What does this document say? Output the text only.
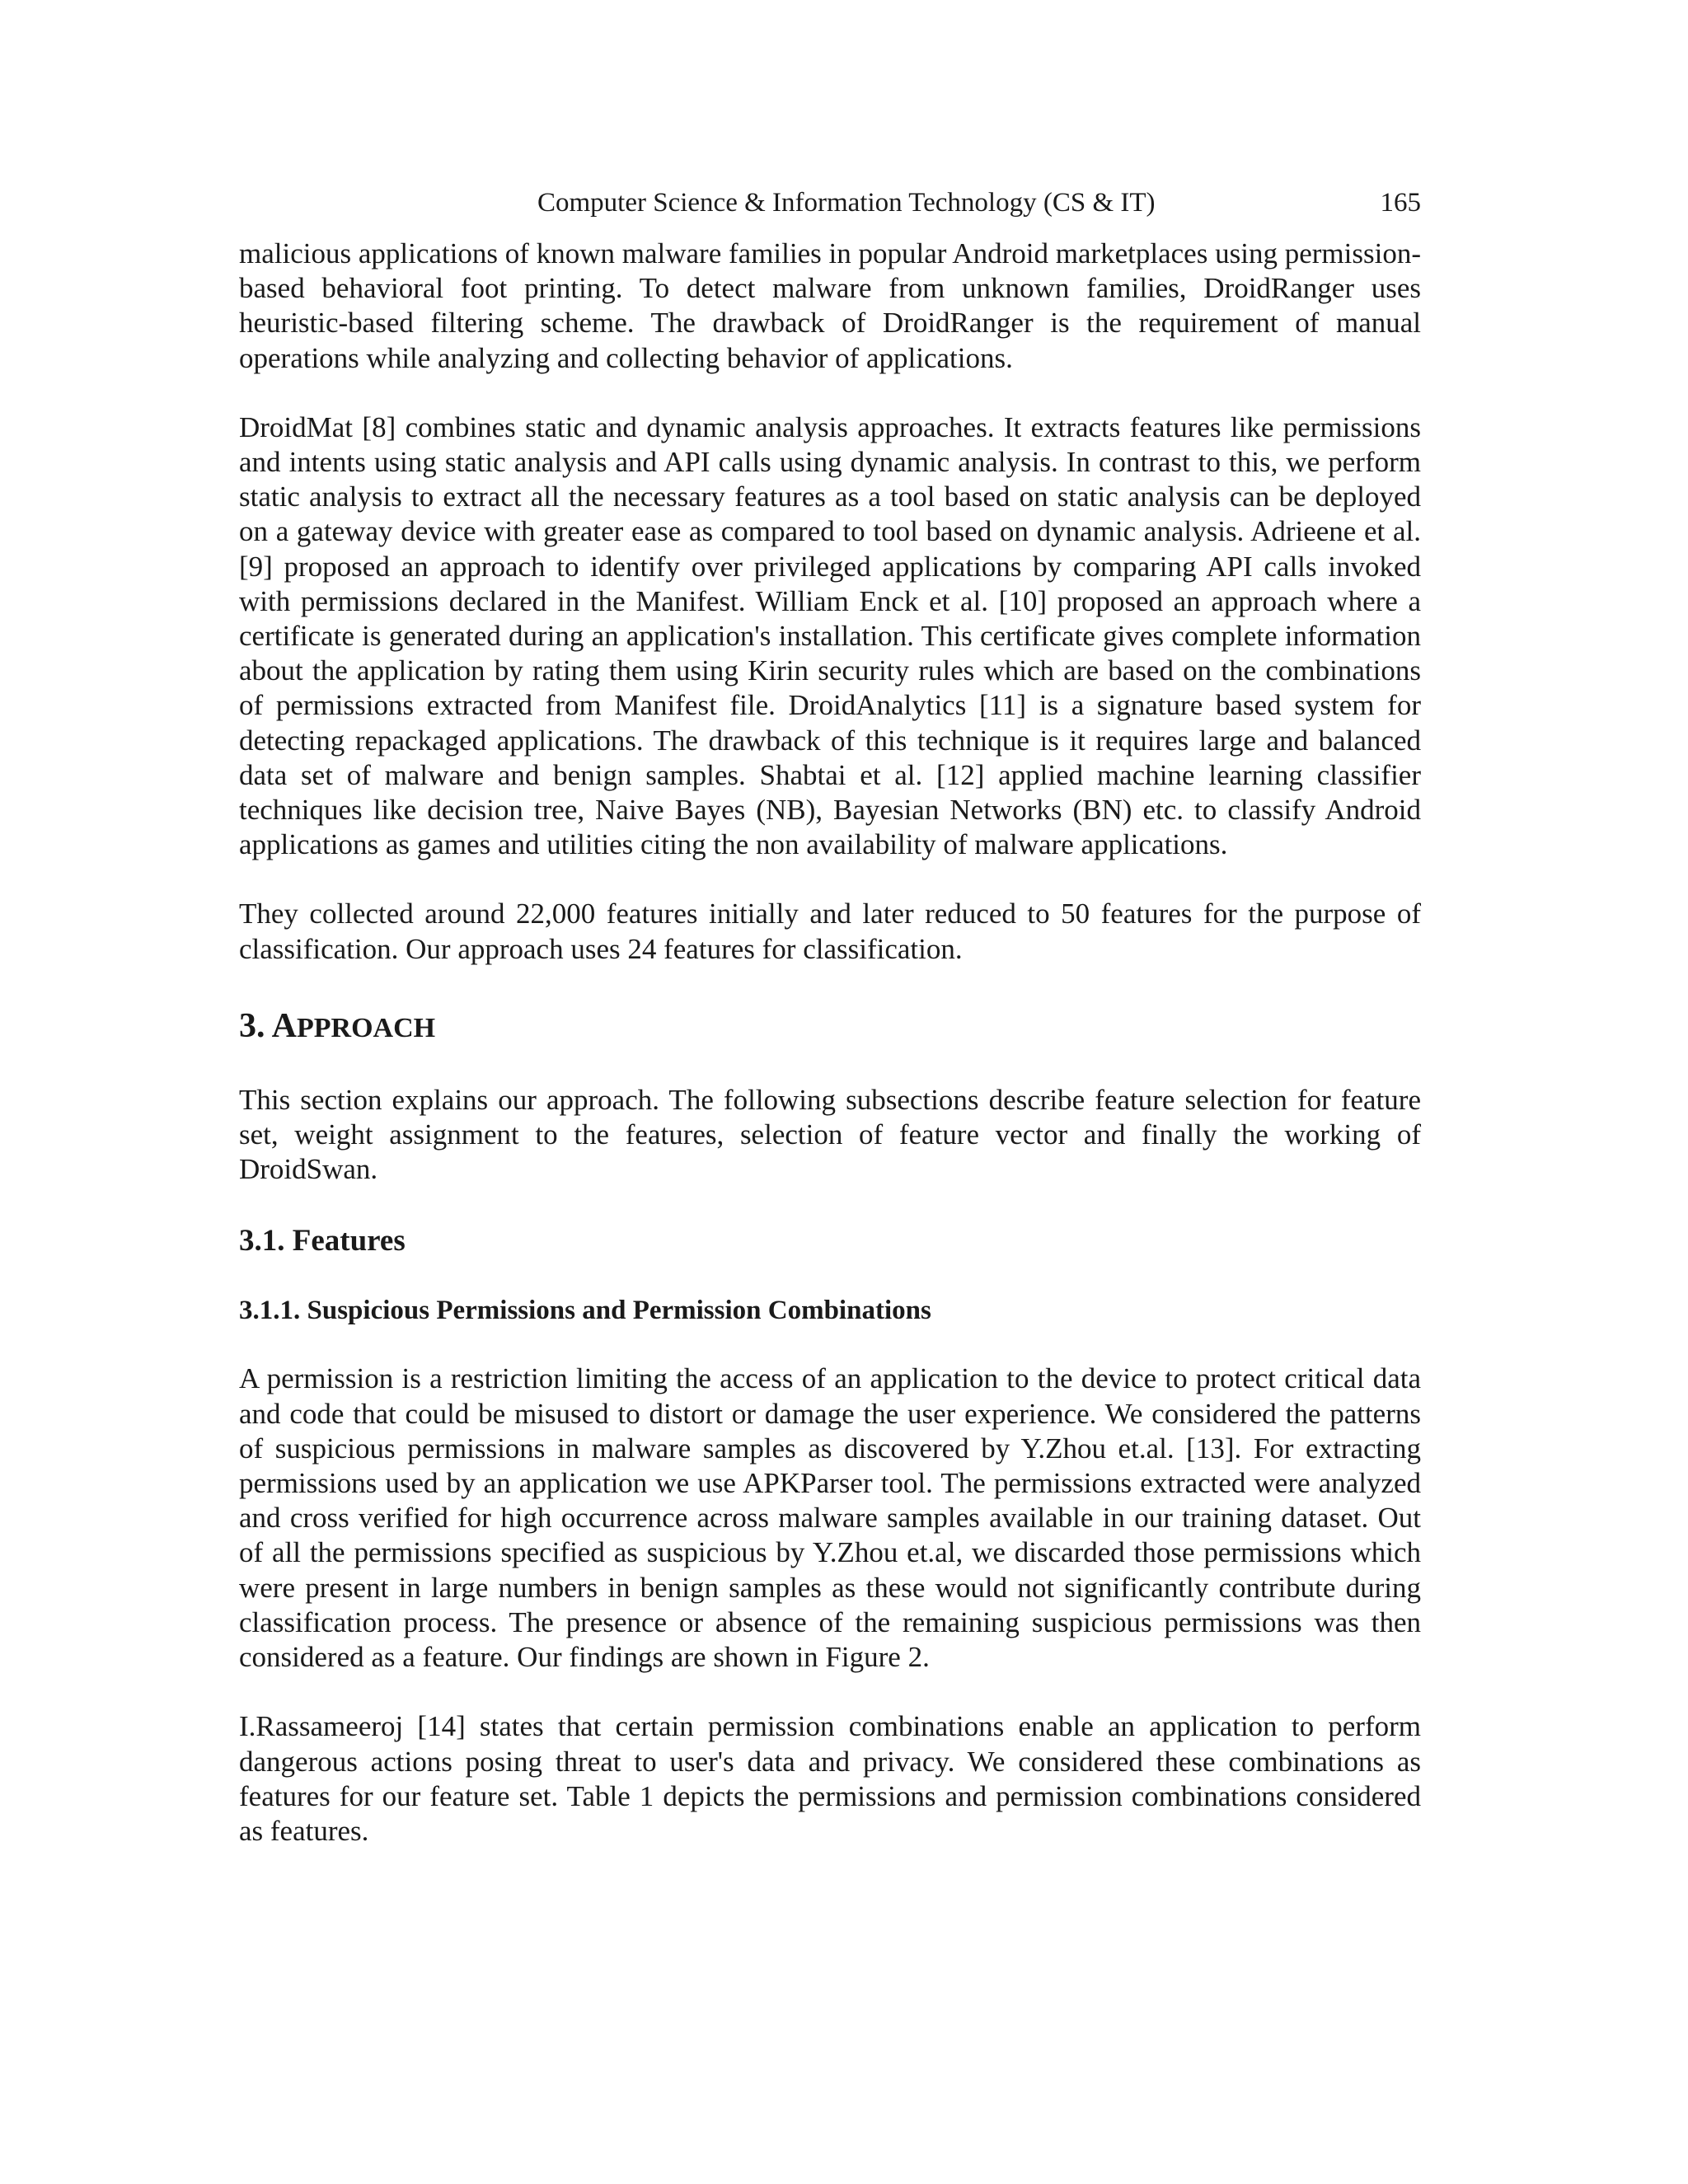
Computer Science & Information Technology (CS & IT)	165

malicious applications of known malware families in popular Android marketplaces using permission-based behavioral foot printing. To detect malware from unknown families, DroidRanger uses heuristic-based filtering scheme. The drawback of DroidRanger is the requirement of manual operations while analyzing and collecting behavior of applications.

DroidMat [8] combines static and dynamic analysis approaches. It extracts features like permissions and intents using static analysis and API calls using dynamic analysis. In contrast to this, we perform static analysis to extract all the necessary features as a tool based on static analysis can be deployed on a gateway device with greater ease as compared to tool based on dynamic analysis. Adrieene et al. [9] proposed an approach to identify over privileged applications by comparing API calls invoked with permissions declared in the Manifest. William Enck et al. [10] proposed an approach where a certificate is generated during an application's installation. This certificate gives complete information about the application by rating them using Kirin security rules which are based on the combinations of permissions extracted from Manifest file. DroidAnalytics [11] is a signature based system for detecting repackaged applications. The drawback of this technique is it requires large and balanced data set of malware and benign samples. Shabtai et al. [12] applied machine learning classifier techniques like decision tree, Naive Bayes (NB), Bayesian Networks (BN) etc. to classify Android applications as games and utilities citing the non availability of malware applications.

They collected around 22,000 features initially and later reduced to 50 features for the purpose of classification. Our approach uses 24 features for classification.

3. APPROACH

This section explains our approach. The following subsections describe feature selection for feature set, weight assignment to the features, selection of feature vector and finally the working of DroidSwan.

3.1. Features
3.1.1. Suspicious Permissions and Permission Combinations

A permission is a restriction limiting the access of an application to the device to protect critical data and code that could be misused to distort or damage the user experience. We considered the patterns of suspicious permissions in malware samples as discovered by Y.Zhou et.al. [13]. For extracting permissions used by an application we use APKParser tool. The permissions extracted were analyzed and cross verified for high occurrence across malware samples available in our training dataset. Out of all the permissions specified as suspicious by Y.Zhou et.al, we discarded those permissions which were present in large numbers in benign samples as these would not significantly contribute during classification process. The presence or absence of the remaining suspicious permissions was then considered as a feature. Our findings are shown in Figure 2.

I.Rassameeroj [14] states that certain permission combinations enable an application to perform dangerous actions posing threat to user's data and privacy. We considered these combinations as features for our feature set. Table 1 depicts the permissions and permission combinations considered as features.
